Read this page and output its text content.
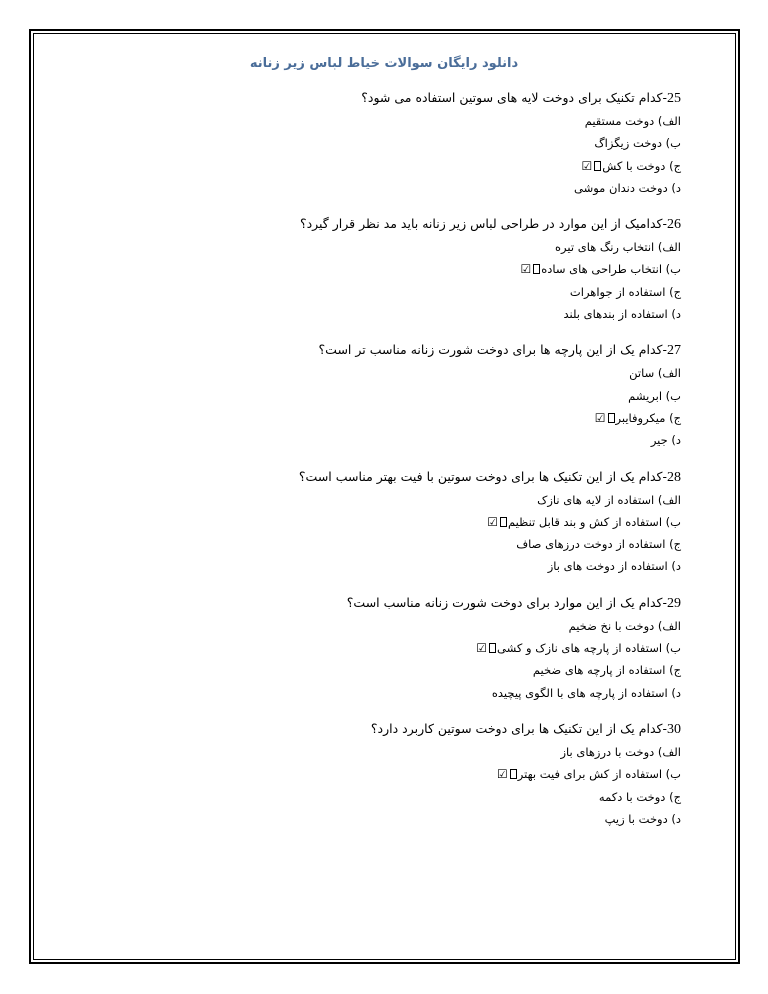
دانلود رایگان سوالات خیاط لباس زیر زنانه
25-کدام تکنیک برای دوخت لایه های سوتین استفاده می شود؟
الف) دوخت مستقیم
ب) دوخت زیگزاگ
ج) دوخت با کش☑
د) دوخت دندان موشی
26-کدامیک از این موارد در طراحی لباس زیر زنانه باید مد نظر قرار گیرد؟
الف) انتخاب رنگ های تیره
ب) انتخاب طراحی های ساده☑
ج) استفاده از جواهرات
د) استفاده از بندهای بلند
27-کدام یک از این پارچه ها برای دوخت شورت زنانه مناسب تر است؟
الف) ساتن
ب) ابریشم
ج) میکروفایبر☑
د) جیر
28-کدام یک از این تکنیک ها برای دوخت سوتین با فیت بهتر مناسب است؟
الف) استفاده از لایه های نازک
ب) استفاده از کش و بند قابل تنظیم☑
ج) استفاده از دوخت درزهای صاف
د) استفاده از دوخت های باز
29-کدام یک از این موارد برای دوخت شورت زنانه مناسب است؟
الف) دوخت با نخ ضخیم
ب) استفاده از پارچه های نازک و کشی☑
ج) استفاده از پارچه های ضخیم
د) استفاده از پارچه های با الگوی پیچیده
30-کدام یک از این تکنیک ها برای دوخت سوتین کاربرد دارد؟
الف) دوخت با درزهای باز
ب) استفاده از کش برای فیت بهتر☑
ج) دوخت با دکمه
د) دوخت با زیپ
